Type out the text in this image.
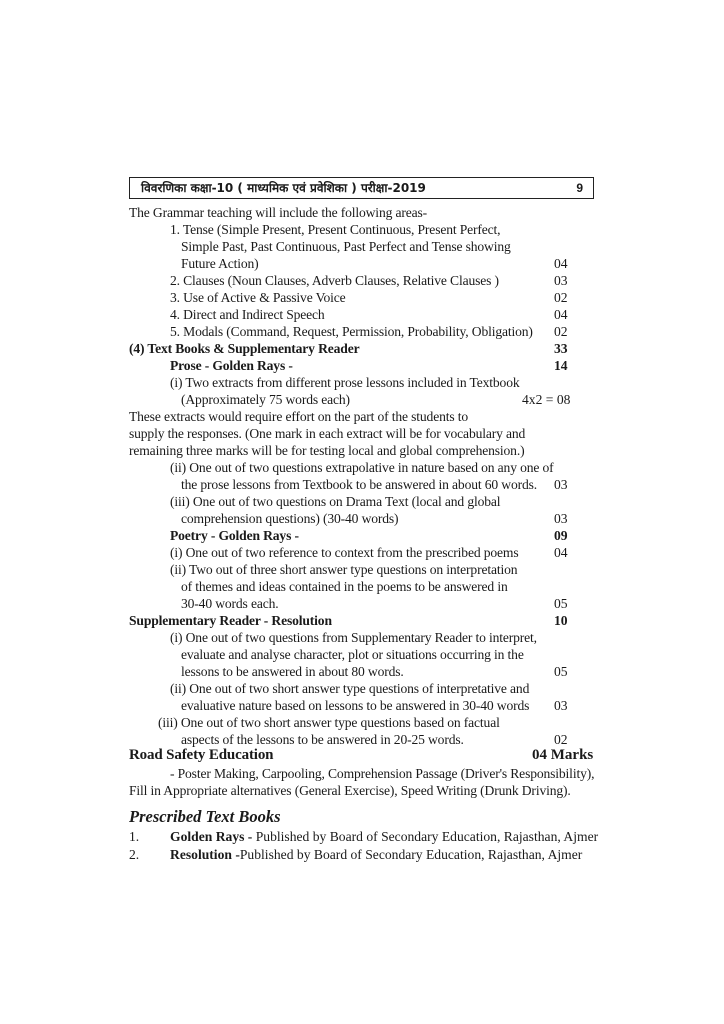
विवरणिका कक्षा-10 ( माध्यमिक एवं प्रवेशिका ) परीक्षा-2019	9
The Grammar teaching will include the following areas-
1. Tense (Simple Present, Present Continuous, Present Perfect,
Simple Past, Past Continuous, Past Perfect and Tense showing
Future Action)	04
2. Clauses (Noun Clauses, Adverb Clauses, Relative Clauses )	03
3. Use of Active & Passive Voice	02
4. Direct and Indirect Speech	04
5. Modals (Command, Request, Permission, Probability, Obligation) 02
(4) Text Books & Supplementary Reader	33
Prose - Golden Rays -	14
(i) Two extracts from different prose lessons included in Textbook
(Approximately 75 words each)	4x2 = 08
These extracts would require effort on the part of the students to
supply the responses. (One mark in each extract will be for vocabulary and
remaining three marks will be for testing local and global comprehension.)
(ii) One out of two questions extrapolative in nature based on any one of
the prose lessons from Textbook to be answered in about 60 words. 03
(iii) One out of two questions on Drama Text (local and global
comprehension questions) (30-40 words)	03
Poetry - Golden Rays -	09
(i) One out of two reference to context from the prescribed poems	04
(ii) Two out of three short answer type questions on interpretation
of themes and ideas contained in the poems to be answered in
30-40 words each.	05
Supplementary Reader - Resolution	10
(i) One out of two questions from Supplementary Reader to interpret,
evaluate and analyse character, plot or situations occurring in the
lessons to be answered in about 80 words.	05
(ii) One out of two short answer type questions of interpretative and
evaluative nature based on lessons to be answered in 30-40 words 03
(iii) One out of two short answer type questions based on factual
aspects of the lessons to be answered in 20-25 words.	02
Road Safety Education	04 Marks
- Poster Making, Carpooling, Comprehension Passage (Driver's Responsibility),
Fill in Appropriate alternatives (General Exercise), Speed Writing (Drunk Driving).
Prescribed Text Books
1. Golden Rays - Published by Board of Secondary Education, Rajasthan, Ajmer
2. Resolution -Published by Board of Secondary Education, Rajasthan, Ajmer
